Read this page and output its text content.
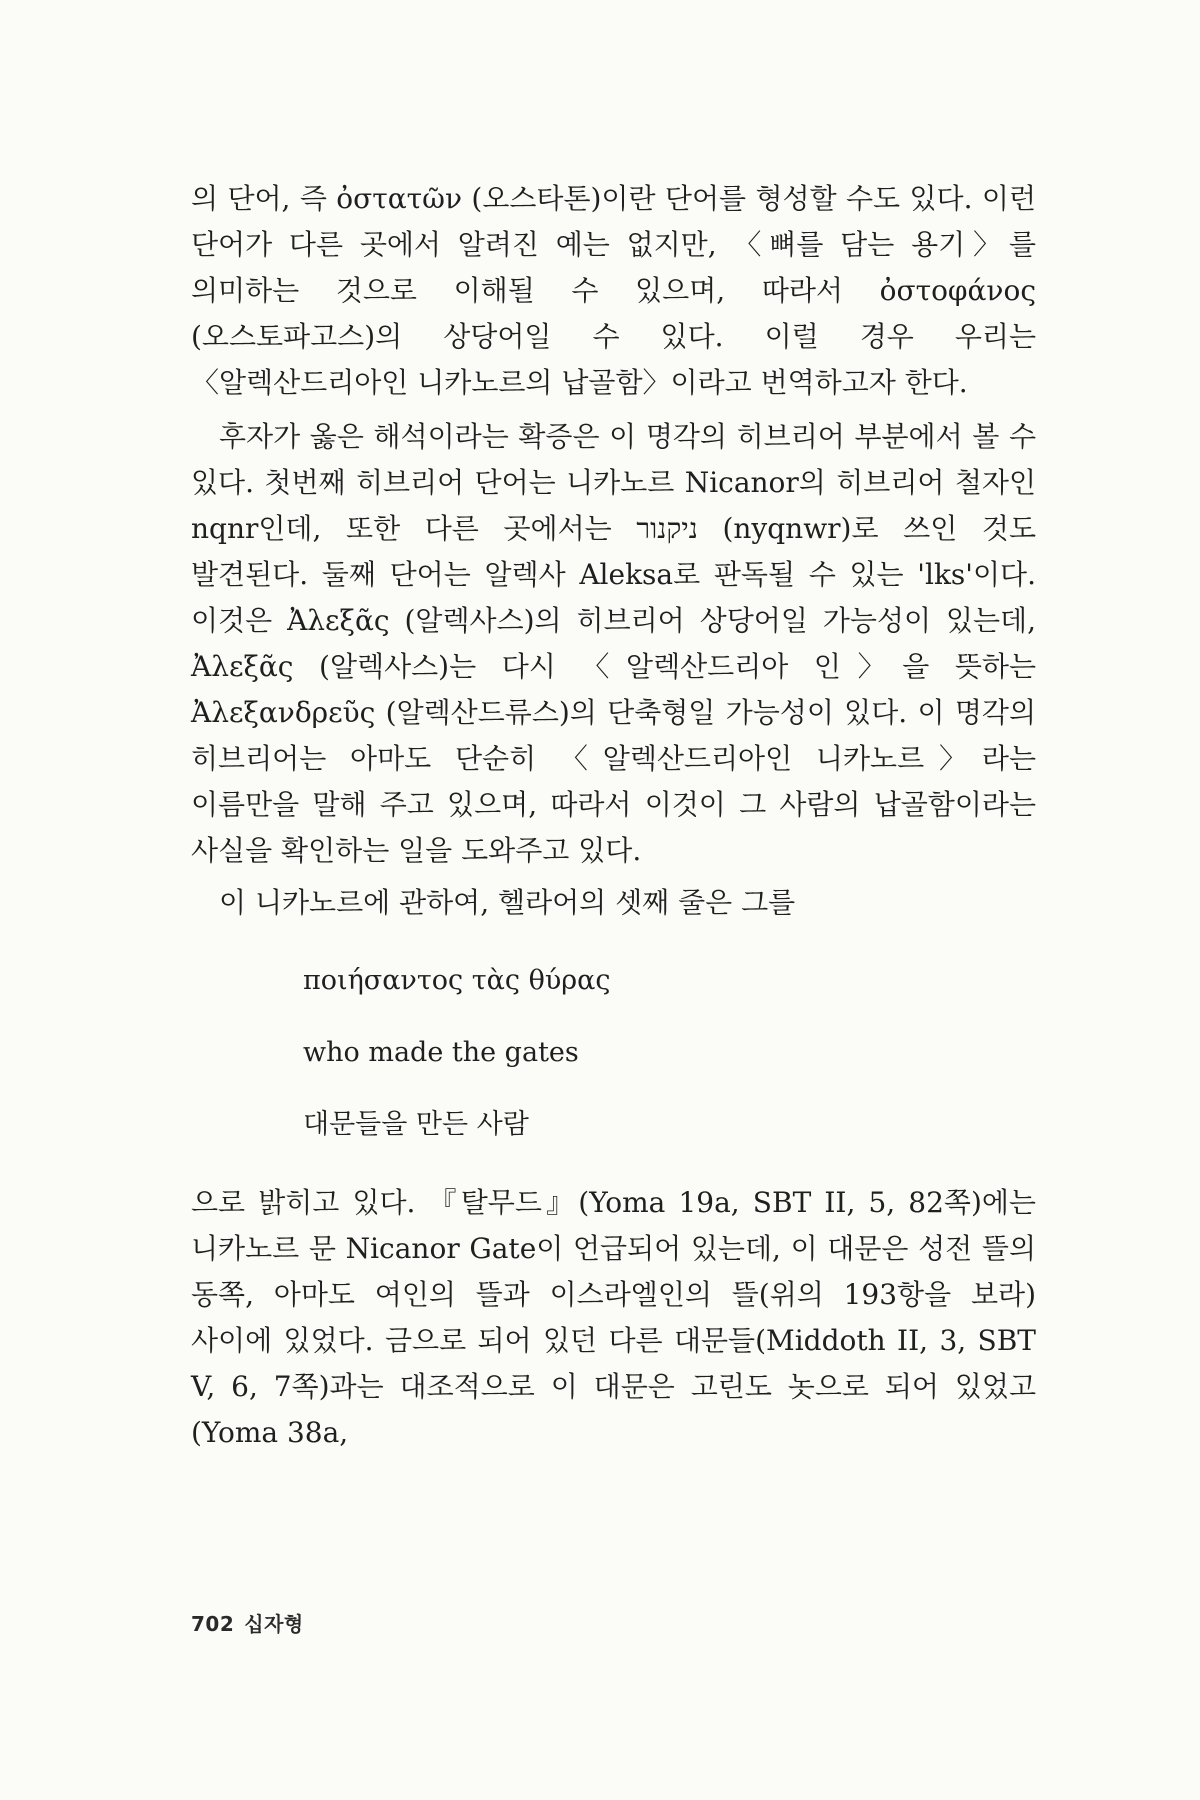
의 단어, 즉 ὀστατῶν (오스타톤)이란 단어를 형성할 수도 있다. 이런 단어가 다른 곳에서 알려진 예는 없지만, 〈뼈를 담는 용기〉를 의미하는 것으로 이해될 수 있으며, 따라서 ὀστοφάνος (오스토파고스)의 상당어일 수 있다. 이럴 경우 우리는 〈알렉산드리아인 니카노르의 납골함〉이라고 번역하고자 한다.

후자가 옳은 해석이라는 확증은 이 명각의 히브리어 부분에서 볼 수 있다. 첫번째 히브리어 단어는 니카노르 Nicanor의 히브리어 철자인 nqnr인데, 또한 다른 곳에서는 ניקנור (nyqnwr)로 쓰인 것도 발견된다. 둘째 단어는 알렉사 Aleksa로 판독될 수 있는 'lks'이다. 이것은 Ἀλεξᾶς (알렉사스)의 히브리어 상당어일 가능성이 있는데, Ἀλεξᾶς (알렉사스)는 다시 〈알렉산드리아 인〉을 뜻하는 Ἀλεξανδρεῦς (알렉산드류스)의 단축형일 가능성이 있다. 이 명각의 히브리어는 아마도 단순히 〈알렉산드리아인 니카노르〉라는 이름만을 말해 주고 있으며, 따라서 이것이 그 사람의 납골함이라는 사실을 확인하는 일을 도와주고 있다.

이 니카노르에 관하여, 헬라어의 셋째 줄은 그를

ποιήσαντος τὰς θύρας

who made the gates

대문들을 만든 사람

으로 밝히고 있다. 『탈무드』(Yoma 19a, SBT II, 5, 82쪽)에는 니카노르 문 Nicanor Gate이 언급되어 있는데, 이 대문은 성전 뜰의 동쪽, 아마도 여인의 뜰과 이스라엘인의 뜰(위의 193항을 보라) 사이에 있었다. 금으로 되어 있던 다른 대문들(Middoth II, 3, SBT V, 6, 7쪽)과는 대조적으로 이 대문은 고린도 놋으로 되어 있었고(Yoma 38a,

702 십자형
